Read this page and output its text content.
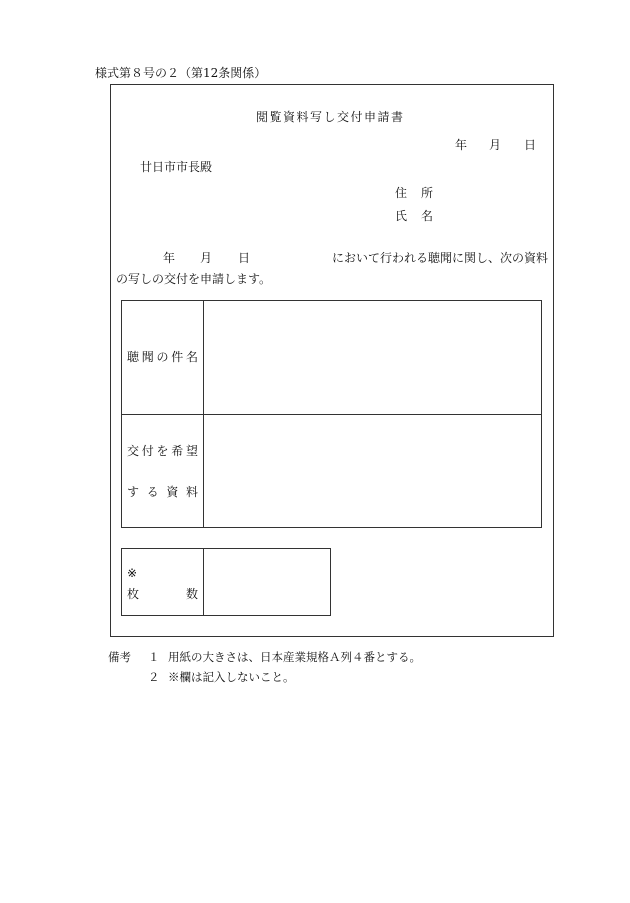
様式第８号の２（第12条関係）
閲覧資料写し交付申請書
年 月 日
廿日市市長殿
住　所
氏　名
年 月 日	において行われる聴聞に関し、次の資料
の写しの交付を申請します。
聴 聞 の 件 名
交 付 を 希 望
す る 資 料
※
枚	数
備考 １ 用紙の大きさは、日本産業規格Ａ列４番とする。
２ ※欄は記入しないこと。
